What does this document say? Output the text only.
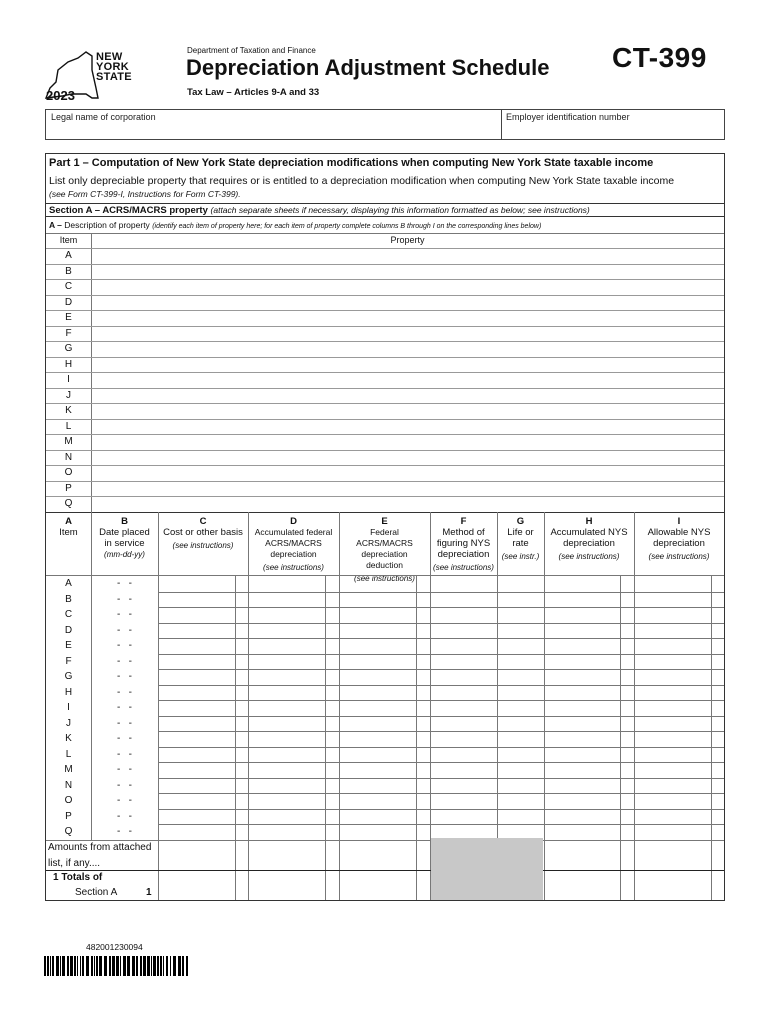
NEW
YORK
STATE
2023
Department of Taxation and Finance
Depreciation Adjustment Schedule
Tax Law – Articles 9-A and 33
CT-399
Legal name of corporation	Employer identification number
Part 1 – Computation of New York State depreciation modifications when computing New York State taxable income
List only depreciable property that requires or is entitled to a depreciation modification when computing New York State taxable income
(see Form CT-399-I, Instructions for Form CT-399).
Section A – ACRS/MACRS property (attach separate sheets if necessary, displaying this information formatted as below; see instructions)
A – Description of property (identify each item of property here; for each item of property complete columns B through I on the corresponding lines below)
Item	Property
A
B
C
D
E
F
G
H
I
J
K
L
M
N
O
P
Q
A
Item
B
Date placed in service
(mm-dd-yy)
C
Cost or other basis
(see instructions)
D
Accumulated federal ACRS/MACRS depreciation
(see instructions)
E
Federal ACRS/MACRS depreciation deduction
(see instructions)
F
Method of figuring NYS depreciation
(see instructions)
G
Life or rate
(see instr.)
H
Accumulated NYS depreciation
(see instructions)
I
Allowable NYS depreciation
(see instructions)
A	-   -
B	-   -
C	-   -
D	-   -
E	-   -
F	-   -
G	-   -
H	-   -
I	-   -
J	-   -
K	-   -
L	-   -
M	-   -
N	-   -
O	-   -
P	-   -
Q	-   -
Amounts from attached list, if any....
1 Totals of
Section A	1
482001230094
